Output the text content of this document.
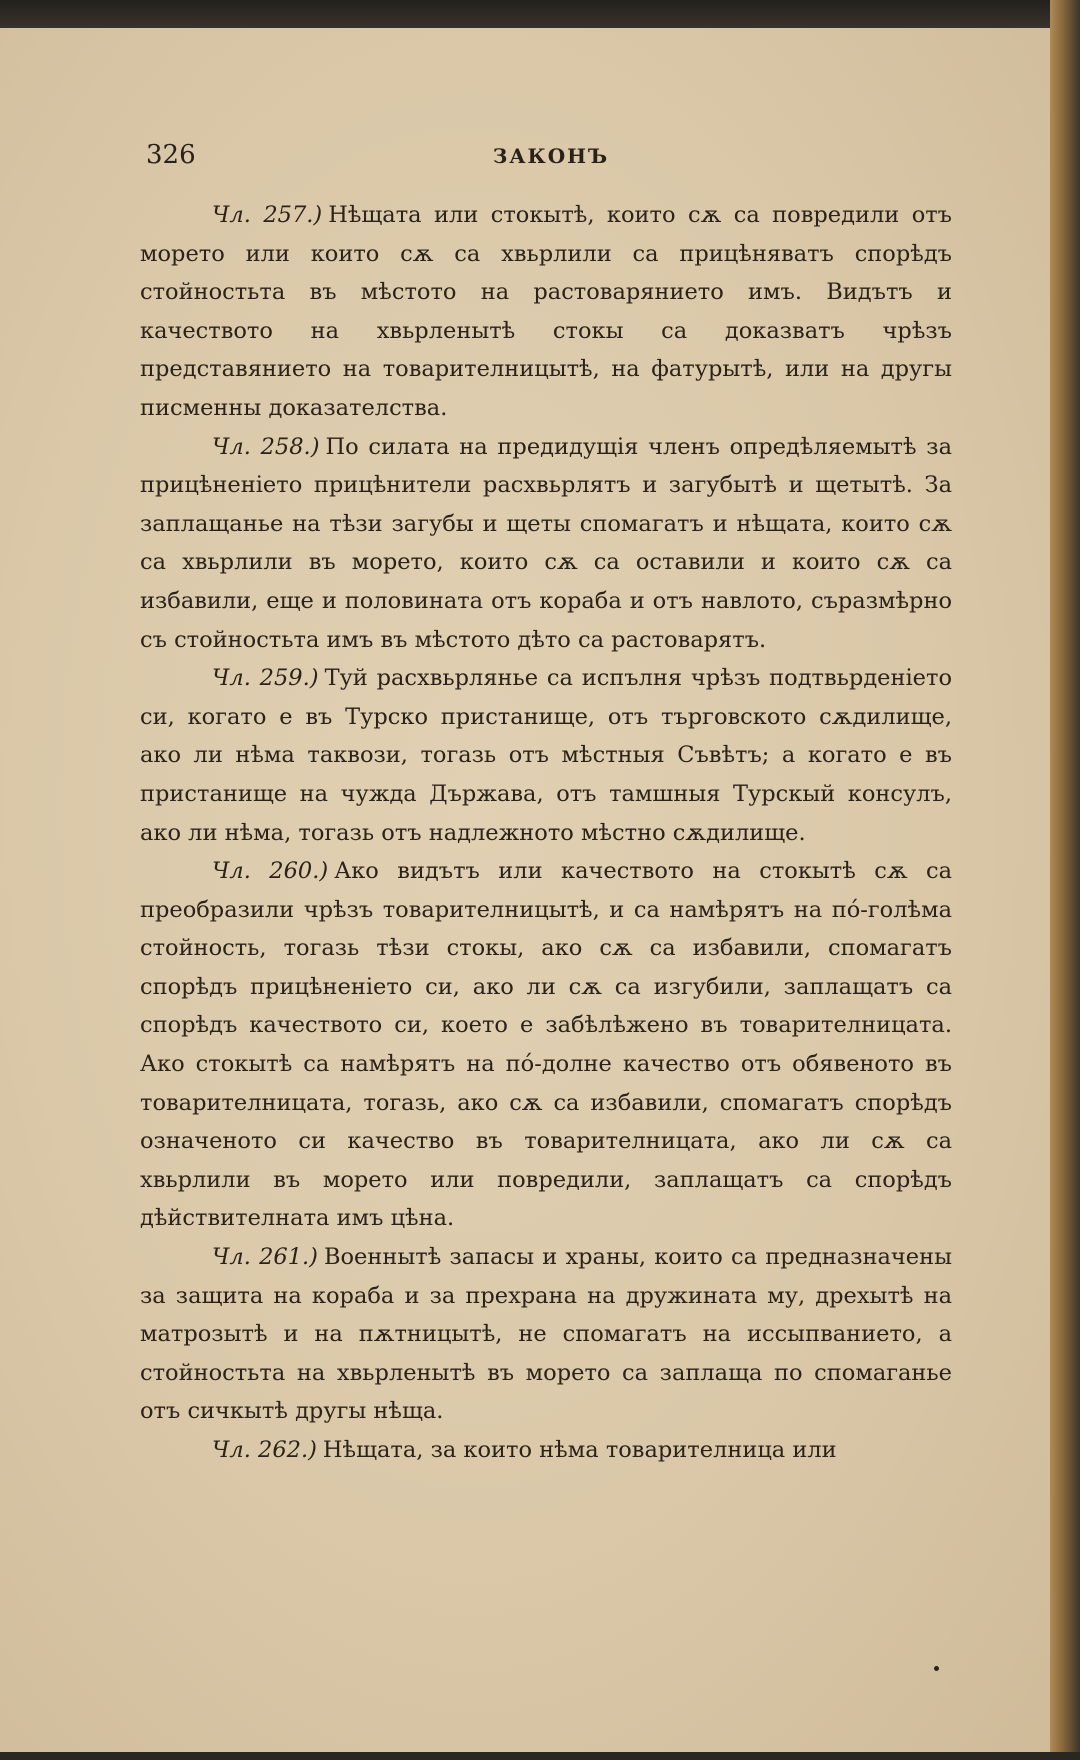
326	ЗАКОНЪ

Чл. 257.) Нѣщата или стокытѣ, които сѫ са повредили отъ морето или които сѫ са хвьрлили са прицѣняватъ спорѣдъ стойностьта въ мѣстото на растоварянието имъ. Видътъ и качеството на хвьрленытѣ стокы са доказватъ чрѣзъ представянието на товарителницытѣ, на фатурытѣ, или на другы писменны доказателства.

Чл. 258.) По силата на предидущія членъ опредѣляемытѣ за прицѣненіето прицѣнители расхвьрлятъ и загубытѣ и щетытѣ. За заплащанье на тѣзи загубы и щеты спомагатъ и нѣщата, които сѫ са хвьрлили въ морето, които сѫ са оставили и които сѫ са избавили, еще и половината отъ кораба и отъ навлото, съразмѣрно съ стойностьта имъ въ мѣстото дѣто са растоварятъ.

Чл. 259.) Туй расхвьрлянье са испълня чрѣзъ подтвьрденіето си, когато е въ Турско пристанище, отъ търговското сѫдилище, ако ли нѣма таквози, тогазь отъ мѣстныя Съвѣтъ; а когато е въ пристанище на чужда Държава, отъ тамшныя Турскый консулъ, ако ли нѣма, тогазь отъ надлежното мѣстно сѫдилище.

Чл. 260.) Ако видътъ или качеството на стокытѣ сѫ са преобразили чрѣзъ товарителницытѣ, и са намѣрятъ на по́-голѣма стойность, тогазь тѣзи стокы, ако сѫ са избавили, спомагатъ спорѣдъ прицѣненіето си, ако ли сѫ са изгубили, заплащатъ са спорѣдъ качеството си, което е забѣлѣжено въ товарителницата. Ако стокытѣ са намѣрятъ на по́-долне качество отъ обявеното въ товарителницата, тогазь, ако сѫ са избавили, спомагатъ спорѣдъ означеното си качество въ товарителницата, ако ли сѫ са хвьрлили въ морето или повредили, заплащатъ са спорѣдъ дѣйствителната имъ цѣна.

Чл. 261.) Военнытѣ запасы и храны, които са предназначены за защита на кораба и за прехрана на дружината му, дрехытѣ на матрозытѣ и на пѫтницытѣ, не спомагатъ на иссыпванието, а стойностьта на хвьрленытѣ въ морето са заплаща по спомаганье отъ сичкытѣ другы нѣща.

Чл. 262.) Нѣщата, за които нѣма товарителница или
